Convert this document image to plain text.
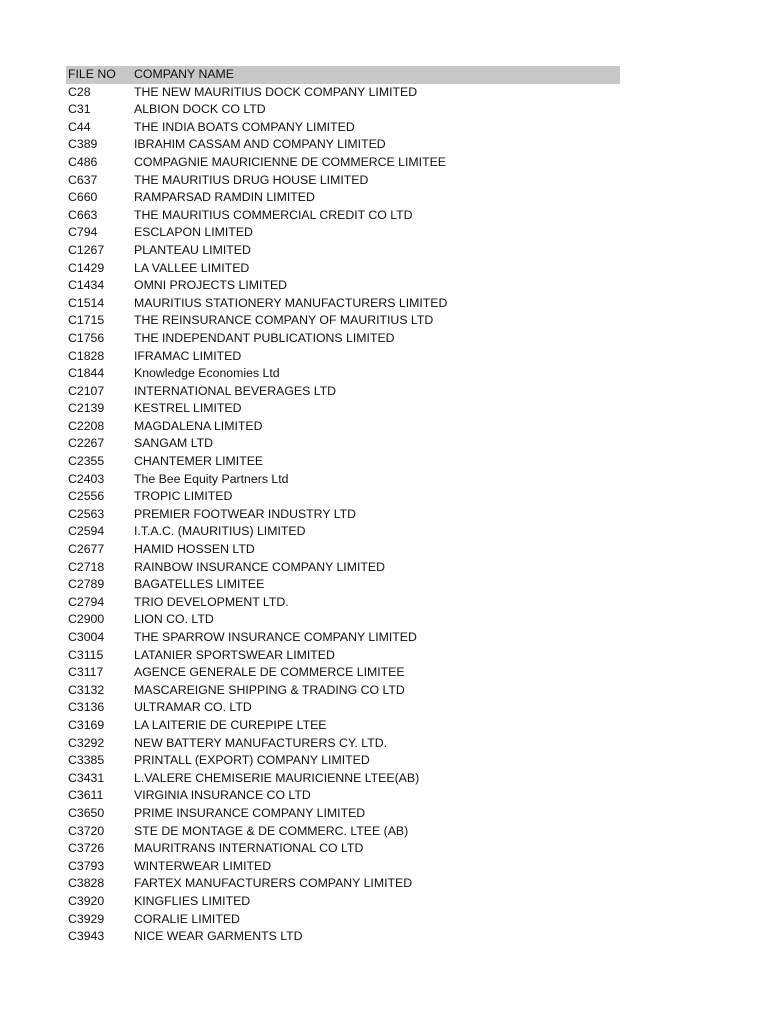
FILE NO	COMPANY NAME
C28	THE NEW MAURITIUS DOCK COMPANY LIMITED
C31	ALBION DOCK CO LTD
C44	THE INDIA BOATS COMPANY LIMITED
C389	IBRAHIM CASSAM AND COMPANY LIMITED
C486	COMPAGNIE MAURICIENNE DE COMMERCE LIMITEE
C637	THE MAURITIUS DRUG HOUSE LIMITED
C660	RAMPARSAD RAMDIN LIMITED
C663	THE MAURITIUS COMMERCIAL CREDIT CO LTD
C794	ESCLAPON LIMITED
C1267	PLANTEAU LIMITED
C1429	LA VALLEE LIMITED
C1434	OMNI PROJECTS LIMITED
C1514	MAURITIUS STATIONERY MANUFACTURERS LIMITED
C1715	THE REINSURANCE COMPANY OF MAURITIUS LTD
C1756	THE INDEPENDANT PUBLICATIONS LIMITED
C1828	IFRAMAC LIMITED
C1844	Knowledge Economies Ltd
C2107	INTERNATIONAL BEVERAGES LTD
C2139	KESTREL LIMITED
C2208	MAGDALENA LIMITED
C2267	SANGAM LTD
C2355	CHANTEMER LIMITEE
C2403	The Bee Equity Partners Ltd
C2556	TROPIC LIMITED
C2563	PREMIER FOOTWEAR INDUSTRY LTD
C2594	I.T.A.C. (MAURITIUS) LIMITED
C2677	HAMID HOSSEN LTD
C2718	RAINBOW INSURANCE COMPANY LIMITED
C2789	BAGATELLES LIMITEE
C2794	TRIO DEVELOPMENT LTD.
C2900	LION CO. LTD
C3004	THE SPARROW INSURANCE COMPANY LIMITED
C3115	LATANIER SPORTSWEAR LIMITED
C3117	AGENCE GENERALE DE COMMERCE LIMITEE
C3132	MASCAREIGNE SHIPPING & TRADING CO LTD
C3136	ULTRAMAR CO. LTD
C3169	LA LAITERIE DE CUREPIPE LTEE
C3292	NEW BATTERY MANUFACTURERS CY. LTD.
C3385	PRINTALL (EXPORT) COMPANY LIMITED
C3431	L.VALERE CHEMISERIE MAURICIENNE LTEE(AB)
C3611	VIRGINIA INSURANCE CO LTD
C3650	PRIME INSURANCE COMPANY LIMITED
C3720	STE DE MONTAGE & DE COMMERC. LTEE (AB)
C3726	MAURITRANS INTERNATIONAL CO LTD
C3793	WINTERWEAR LIMITED
C3828	FARTEX MANUFACTURERS COMPANY LIMITED
C3920	KINGFLIES LIMITED
C3929	CORALIE LIMITED
C3943	NICE WEAR GARMENTS LTD
